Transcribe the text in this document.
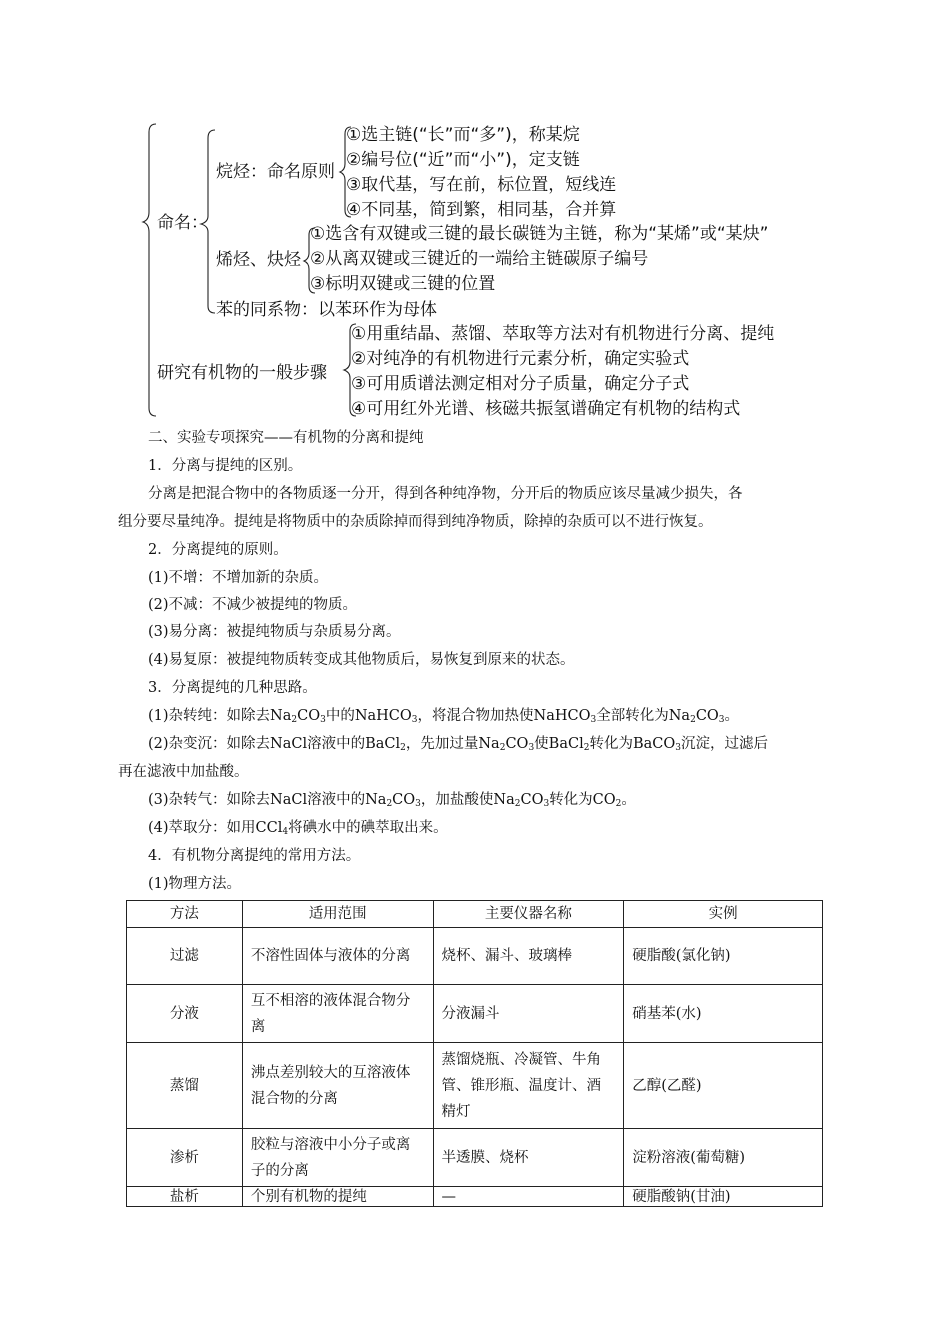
命名：
烷烃：命名原则
①选主链(“长”而“多”)，称某烷
②编号位(“近”而“小”)，定支链
③取代基，写在前，标位置，短线连
④不同基，简到繁，相同基，合并算
烯烃、炔烃
①选含有双键或三键的最长碳链为主链，称为“某烯”或“某炔”
②从离双键或三键近的一端给主链碳原子编号
③标明双键或三键的位置
苯的同系物：以苯环作为母体
研究有机物的一般步骤
①用重结晶、蒸馏、萃取等方法对有机物进行分离、提纯
②对纯净的有机物进行元素分析，确定实验式
③可用质谱法测定相对分子质量，确定分子式
④可用红外光谱、核磁共振氢谱确定有机物的结构式
二、实验专项探究——有机物的分离和提纯
1．分离与提纯的区别。
分离是把混合物中的各物质逐一分开，得到各种纯净物，分开后的物质应该尽量减少损失，各
组分要尽量纯净。提纯是将物质中的杂质除掉而得到纯净物质，除掉的杂质可以不进行恢复。
2．分离提纯的原则。
(1)不增：不增加新的杂质。
(2)不减：不减少被提纯的物质。
(3)易分离：被提纯物质与杂质易分离。
(4)易复原：被提纯物质转变成其他物质后，易恢复到原来的状态。
3．分离提纯的几种思路。
(1)杂转纯：如除去$Na_2CO_3$中的NaHCO$_3$，将混合物加热使NaHCO$_3$全部转化为$Na_2CO_3$。
(2)杂变沉：如除去NaCl溶液中的BaCl$_2$，先加过量$Na_2CO_3$使BaCl$_2$转化为BaCO$_3$沉淀，过滤后
再在滤液中加盐酸。
(3)杂转气：如除去NaCl溶液中的$Na_2CO_3$，加盐酸使$Na_2CO_3$转化为$CO_2$。
(4)萃取分：如用CCl$_4$将碘水中的碘萃取出来。
4．有机物分离提纯的常用方法。
(1)物理方法。
方法	适用范围	主要仪器名称	实例
过滤	不溶性固体与液体的分离	烧杯、漏斗、玻璃棒	硬脂酸(氯化钠)
分液	互不相溶的液体混合物分离	分液漏斗	硝基苯(水)
蒸馏	沸点差别较大的互溶液体混合物的分离	蒸馏烧瓶、冷凝管、牛角管、锥形瓶、温度计、酒精灯	乙醇(乙醛)
渗析	胶粒与溶液中小分子或离子的分离	半透膜、烧杯	淀粉溶液(葡萄糖)
盐析	个别有机物的提纯	—	硬脂酸钠(甘油)
